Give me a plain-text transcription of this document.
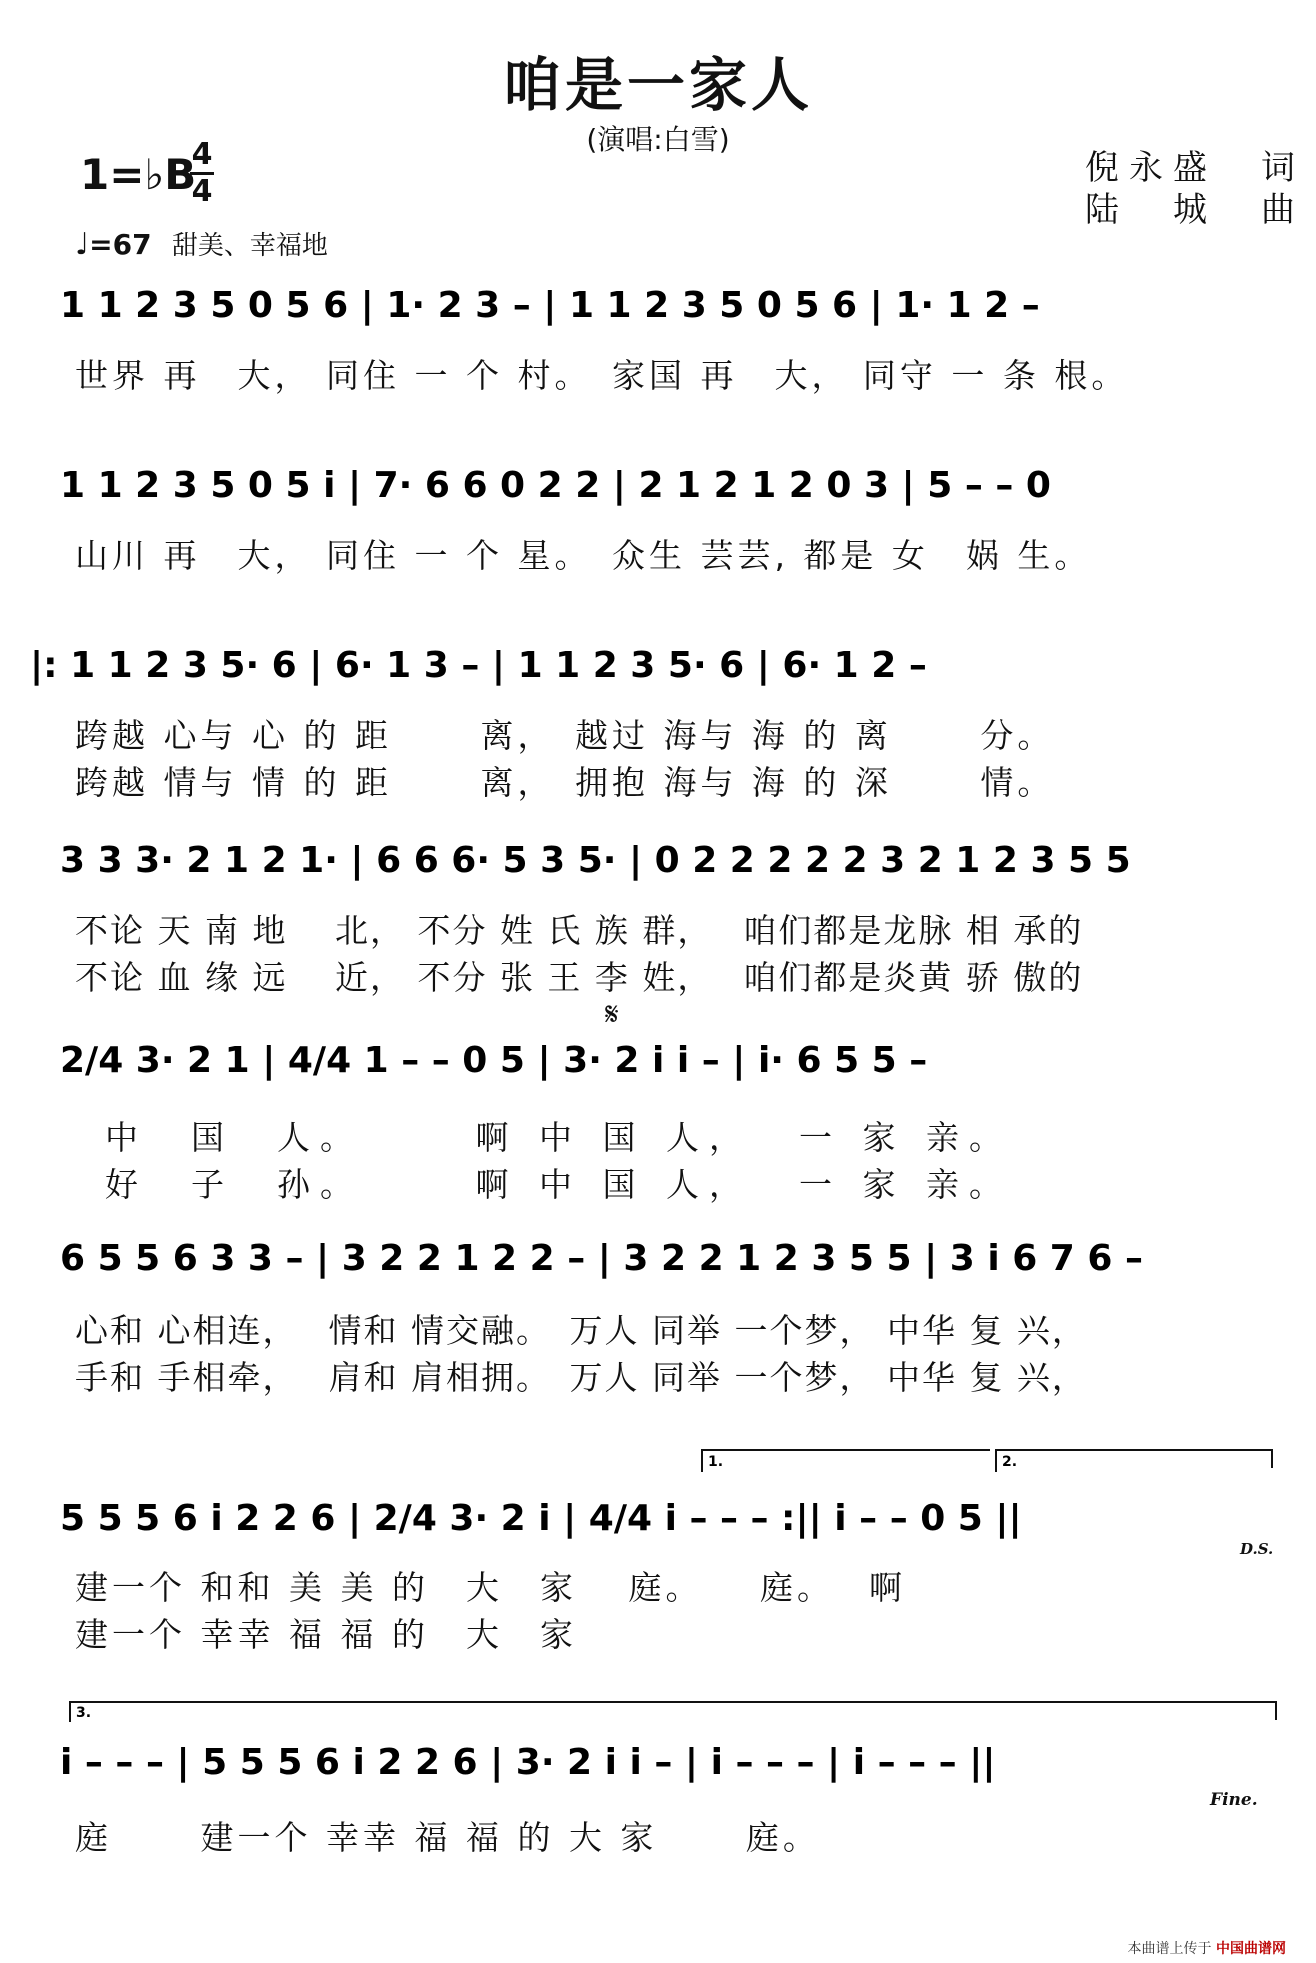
咱是一家人
(演唱:白雪)
倪永盛　词
陆　城　曲
1=♭B
4
4
♩=67 甜美、幸福地
1 1 2 3 5 0 5 6 | 1· 2 3 – | 1 1 2 3 5 0 5 6 | 1· 1 2 –
世界 再　大， 同住 一 个 村。　家国 再　大， 同守 一 条 根。
1 1 2 3 5 0 5 i | 7· 6 6 0 2 2 | 2 1 2 1 2 0 3 | 5 – – 0
山川 再　大， 同住 一 个 星。　众生 芸芸, 都是 女　娲 生。
|: 1 1 2 3 5· 6 | 6· 1 3 – | 1 1 2 3 5· 6 | 6· 1 2 –
跨越 心与 心 的 距　　 离，　越过 海与 海 的 离　　 分。
跨越 情与 情 的 距　　 离，　拥抱 海与 海 的 深　　 情。
3 3 3· 2 1 2 1· | 6 6 6· 5 3 5· | 0 2 2 2 2 2 3 2 1 2 3 5 5
不论 天 南 地　 北， 不分 姓 氏 族 群，　 咱们都是龙脉 相 承的
不论 血 缘 远　 近， 不分 张 王 李 姓，　 咱们都是炎黄 骄 傲的
𝄋
2/4 3· 2 1 | 4/4 1 – – 0 5 | 3· 2 i i – | i· 6 5 5 –
中　国　人。　　　啊 中 国 人，　 一 家 亲。
好　子　孙。　　　啊 中 国 人，　 一 家 亲。
6 5 5 6 3 3 – | 3 2 2 1 2 2 – | 3 2 2 1 2 3 5 5 | 3 i 6 7 6 –
心和 心相连，　 情和 情交融。　万人 同举 一个梦， 中华 复 兴，
手和 手相牵，　 肩和 肩相拥。　万人 同举 一个梦， 中华 复 兴，
1.	2.
5 5 5 6 i 2 2 6 | 2/4 3· 2 i | 4/4 i – – – :|| i – – 0 5 ||
D.S.
建一个 和和 美 美 的　大　家　 庭。　　庭。　 啊
建一个 幸幸 福 福 的　大　家
3.
i – – – | 5 5 5 6 i 2 2 6 | 3· 2 i i – | i – – – | i – – – ||
Fine.
庭　　 建一个 幸幸 福 福 的 大 家　　 庭。
本曲谱上传于 中国曲谱网
